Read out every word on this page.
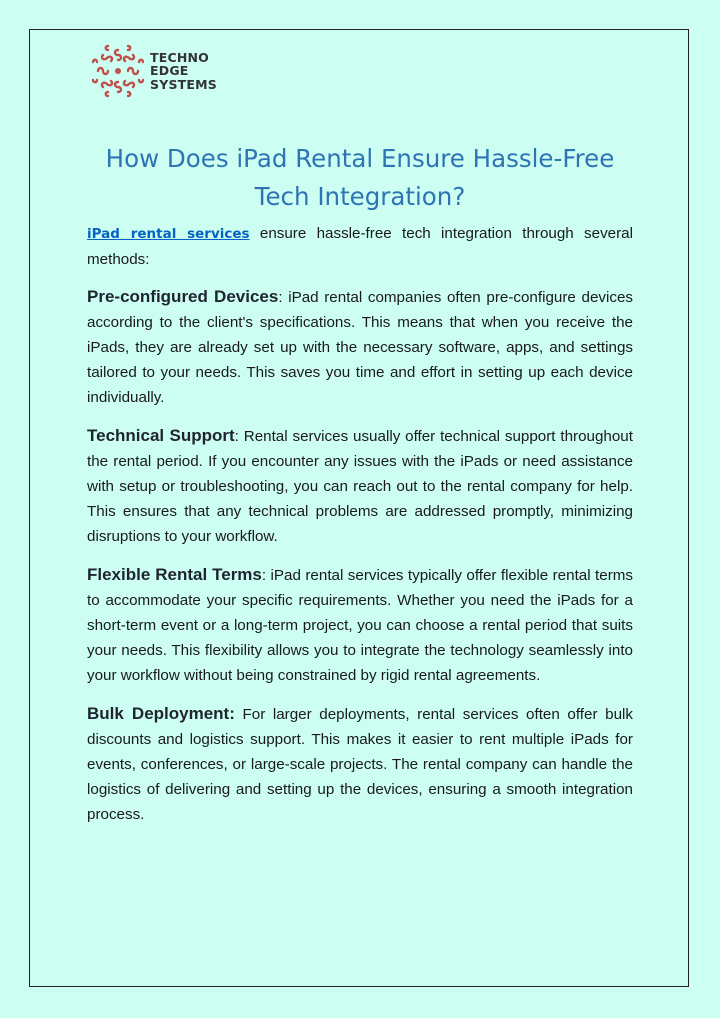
TECHNO
EDGE
SYSTEMS
How Does iPad Rental Ensure Hassle-Free Tech Integration?

iPad rental services ensure hassle-free tech integration through several methods:

Pre-configured Devices: iPad rental companies often pre-configure devices according to the client's specifications. This means that when you receive the iPads, they are already set up with the necessary software, apps, and settings tailored to your needs. This saves you time and effort in setting up each device individually.

Technical Support: Rental services usually offer technical support throughout the rental period. If you encounter any issues with the iPads or need assistance with setup or troubleshooting, you can reach out to the rental company for help. This ensures that any technical problems are addressed promptly, minimizing disruptions to your workflow.

Flexible Rental Terms: iPad rental services typically offer flexible rental terms to accommodate your specific requirements. Whether you need the iPads for a short-term event or a long-term project, you can choose a rental period that suits your needs. This flexibility allows you to integrate the technology seamlessly into your workflow without being constrained by rigid rental agreements.

Bulk Deployment: For larger deployments, rental services often offer bulk discounts and logistics support. This makes it easier to rent multiple iPads for events, conferences, or large-scale projects. The rental company can handle the logistics of delivering and setting up the devices, ensuring a smooth integration process.
